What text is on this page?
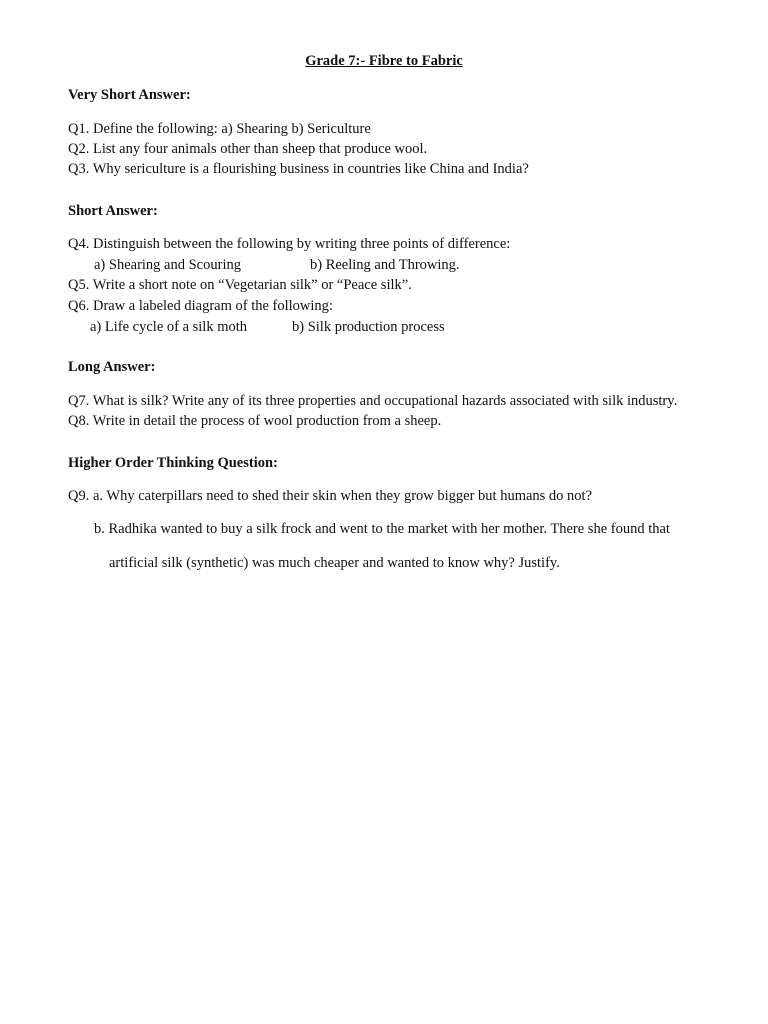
Grade 7:- Fibre to Fabric
Very Short Answer:
Q1. Define the following: a) Shearing b) Sericulture
Q2. List any four animals other than sheep that produce wool.
Q3. Why sericulture is a flourishing business in countries like China and India?
Short Answer:
Q4. Distinguish between the following by writing three points of difference:
a) Shearing and Scouring	b) Reeling and Throwing.
Q5. Write a short note on “Vegetarian silk” or “Peace silk”.
Q6. Draw a labeled diagram of the following:
a) Life cycle of a silk moth	b) Silk production process
Long Answer:
Q7. What is silk? Write any of its three properties and occupational hazards associated with silk industry.
Q8. Write in detail the process of wool production from a sheep.
Higher Order Thinking Question:
Q9. a. Why caterpillars need to shed their skin when they grow bigger but humans do not?
b. Radhika wanted to buy a silk frock and went to the market with her mother. There she found that
artificial silk (synthetic) was much cheaper and wanted to know why? Justify.
